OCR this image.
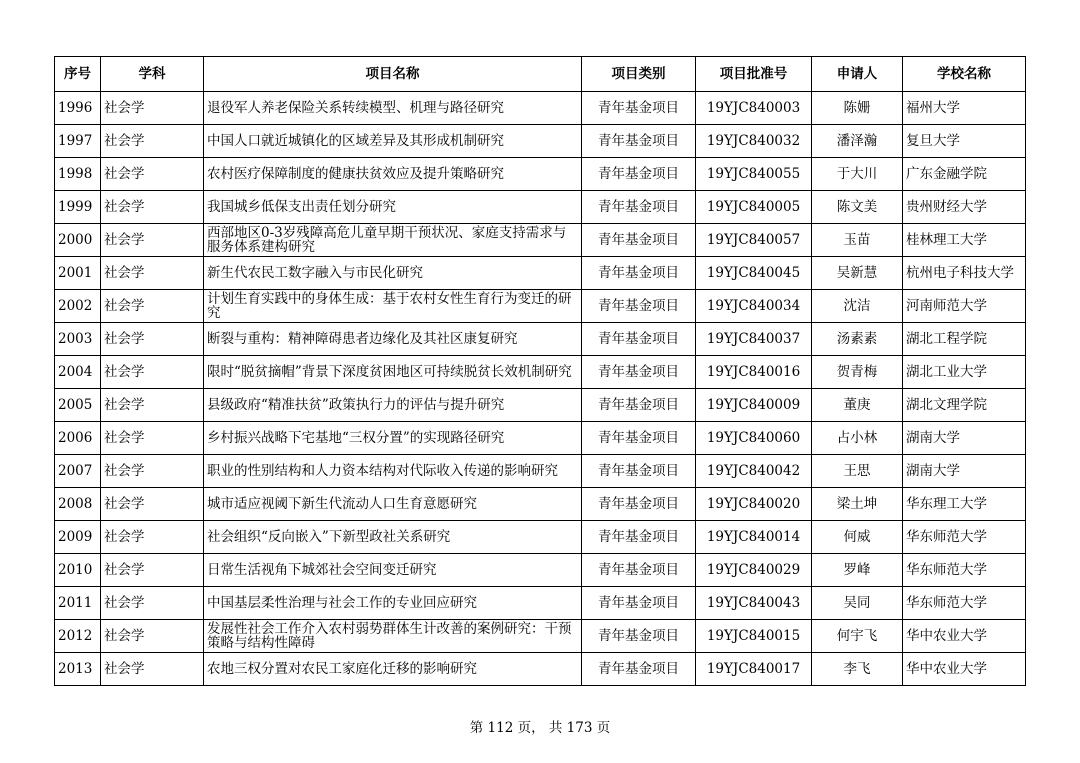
序号	学科	项目名称	项目类别	项目批准号	申请人	学校名称
1996	社会学	退役军人养老保险关系转续模型、机理与路径研究	青年基金项目	19YJC840003	陈姗	福州大学
1997	社会学	中国人口就近城镇化的区域差异及其形成机制研究	青年基金项目	19YJC840032	潘泽瀚	复旦大学
1998	社会学	农村医疗保障制度的健康扶贫效应及提升策略研究	青年基金项目	19YJC840055	于大川	广东金融学院
1999	社会学	我国城乡低保支出责任划分研究	青年基金项目	19YJC840005	陈文美	贵州财经大学
2000	社会学	西部地区0-3岁残障高危儿童早期干预状况、家庭支持需求与服务体系建构研究	青年基金项目	19YJC840057	玉苗	桂林理工大学
2001	社会学	新生代农民工数字融入与市民化研究	青年基金项目	19YJC840045	吴新慧	杭州电子科技大学
2002	社会学	计划生育实践中的身体生成：基于农村女性生育行为变迁的研究	青年基金项目	19YJC840034	沈洁	河南师范大学
2003	社会学	断裂与重构：精神障碍患者边缘化及其社区康复研究	青年基金项目	19YJC840037	汤素素	湖北工程学院
2004	社会学	限时“脱贫摘帽”背景下深度贫困地区可持续脱贫长效机制研究	青年基金项目	19YJC840016	贺青梅	湖北工业大学
2005	社会学	县级政府“精准扶贫”政策执行力的评估与提升研究	青年基金项目	19YJC840009	董庚	湖北文理学院
2006	社会学	乡村振兴战略下宅基地“三权分置”的实现路径研究	青年基金项目	19YJC840060	占小林	湖南大学
2007	社会学	职业的性别结构和人力资本结构对代际收入传递的影响研究	青年基金项目	19YJC840042	王思	湖南大学
2008	社会学	城市适应视阈下新生代流动人口生育意愿研究	青年基金项目	19YJC840020	梁土坤	华东理工大学
2009	社会学	社会组织“反向嵌入”下新型政社关系研究	青年基金项目	19YJC840014	何威	华东师范大学
2010	社会学	日常生活视角下城郊社会空间变迁研究	青年基金项目	19YJC840029	罗峰	华东师范大学
2011	社会学	中国基层柔性治理与社会工作的专业回应研究	青年基金项目	19YJC840043	吴同	华东师范大学
2012	社会学	发展性社会工作介入农村弱势群体生计改善的案例研究：干预策略与结构性障碍	青年基金项目	19YJC840015	何宇飞	华中农业大学
2013	社会学	农地三权分置对农民工家庭化迁移的影响研究	青年基金项目	19YJC840017	李飞	华中农业大学
第 112 页， 共 173 页
